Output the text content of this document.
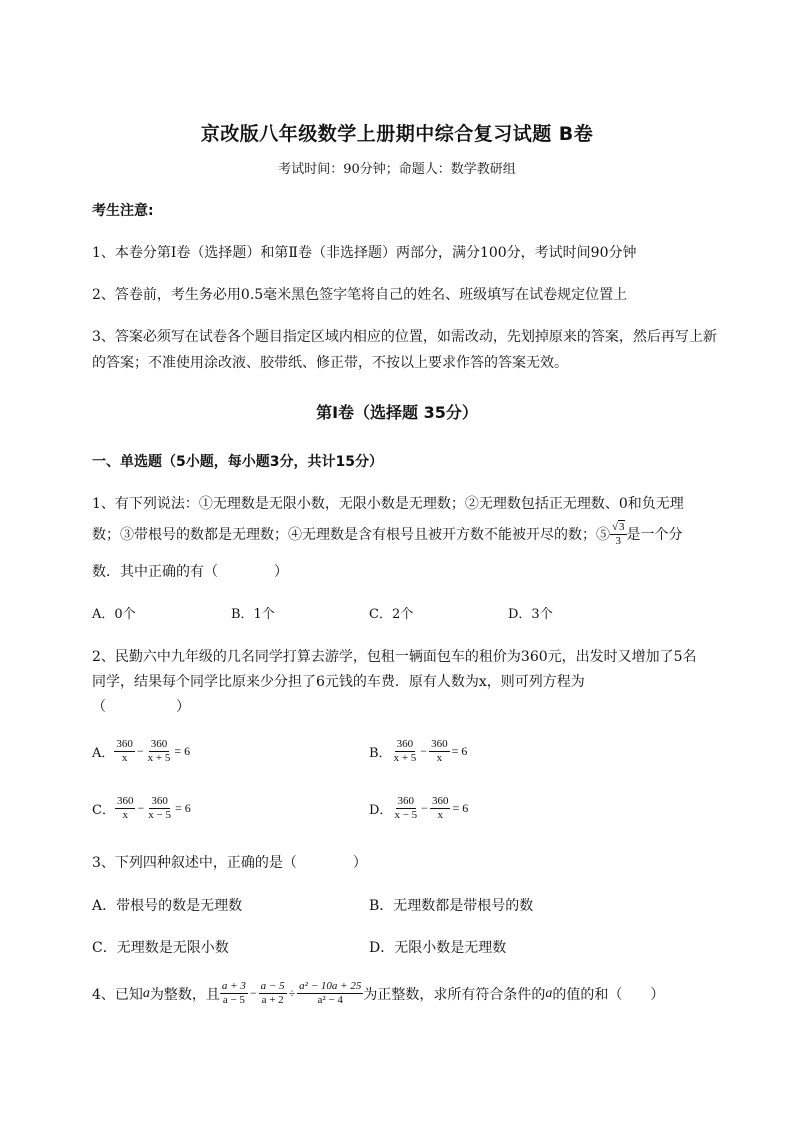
京改版八年级数学上册期中综合复习试题 B卷
考试时间：90分钟；命题人：数学教研组
考生注意:
1、本卷分第I卷（选择题）和第Ⅱ卷（非选择题）两部分，满分100分，考试时间90分钟
2、答卷前，考生务必用0.5毫米黑色签字笔将自己的姓名、班级填写在试卷规定位置上
3、答案必须写在试卷各个题目指定区域内相应的位置，如需改动，先划掉原来的答案，然后再写上新
的答案；不准使用涂改液、胶带纸、修正带，不按以上要求作答的答案无效。
第I卷（选择题 35分）
一、单选题（5小题，每小题3分，共计15分）
1、有下列说法：①无理数是无限小数，无限小数是无理数；②无理数包括正无理数、0和负无理
数；③带根号的数都是无理数；④无理数是含有根号且被开方数不能被开尽的数；⑤ $\frac{√3}{3}$ 是一个分
数．其中正确的有（　　　　）
A．0个	B．1个	C．2个	D．3个
2、民勤六中九年级的几名同学打算去游学，包租一辆面包车的租价为360元，出发时又增加了5名
同学，结果每个同学比原来少分担了6元钱的车费．原有人数为x，则可列方程为
（　　　　　）
A． $\frac{360}{x} - \frac{360}{x + 5} = 6$	B． $\frac{360}{x + 5} - \frac{360}{x} = 6$
C． $\frac{360}{x} - \frac{360}{x - 5} = 6$	D． $\frac{360}{x - 5} - \frac{360}{x} = 6$
3、下列四种叙述中，正确的是（　　　　）
A．带根号的数是无理数	B．无理数都是带根号的数
C．无理数是无限小数	D．无限小数是无理数
4、已知 a 为整数，且 $\frac{a + 3}{a - 5} - \frac{a - 5}{a + 2} \div \frac{\text{a² − 10a + 25}}{\text{a² − 4}}$ 为正整数，求所有符合条件的 a 的值的和（　　）
